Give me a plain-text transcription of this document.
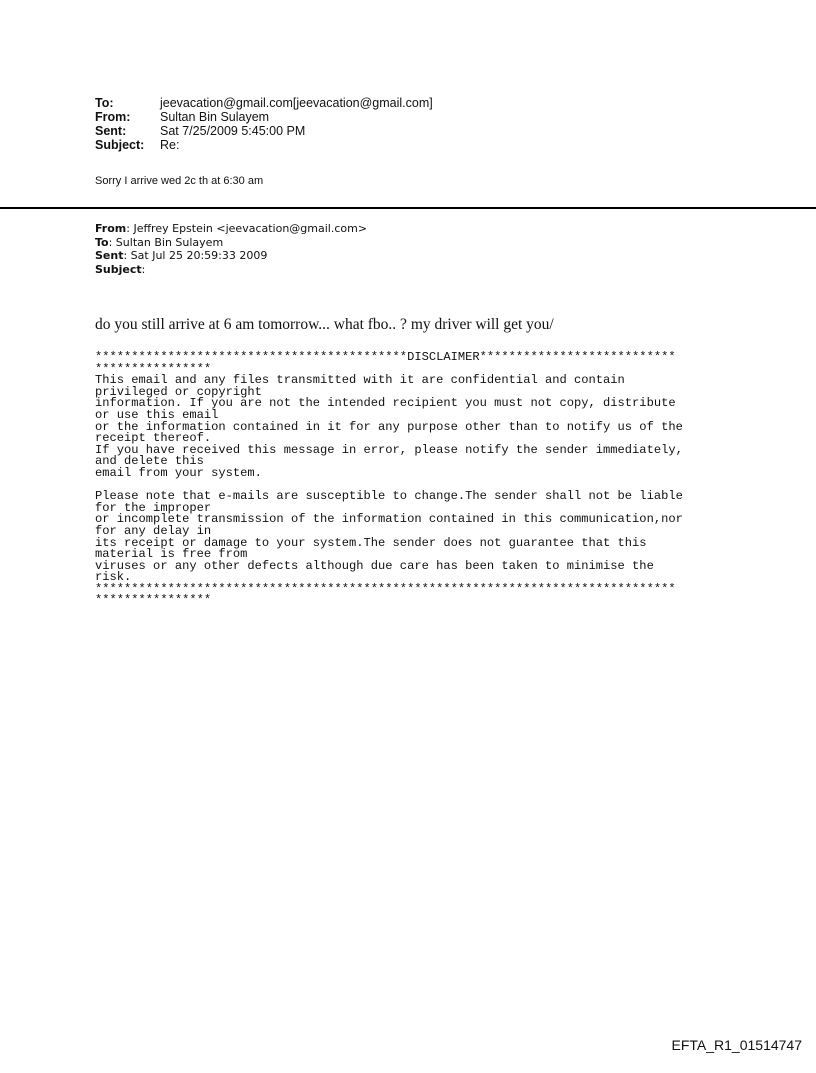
To:	jeevacation@gmail.com[jeevacation@gmail.com]
From:	Sultan Bin Sulayem
Sent:	Sat 7/25/2009 5:45:00 PM
Subject:	Re:
Sorry I arrive wed 2c th at 6:30 am
From: Jeffrey Epstein <jeevacation@gmail.com>
To: Sultan Bin Sulayem
Sent: Sat Jul 25 20:59:33 2009
Subject:
do you still arrive at 6 am tomorrow... what fbo.. ? my driver will get you/
*******************************************DISCLAIMER***************************
****************
This email and any files transmitted with it are confidential and contain
privileged or copyright
information. If you are not the intended recipient you must not copy, distribute
or use this email
or the information contained in it for any purpose other than to notify us of the
receipt thereof.
If you have received this message in error, please notify the sender immediately,
and delete this
email from your system.

Please note that e-mails are susceptible to change.The sender shall not be liable
for the improper
or incomplete transmission of the information contained in this communication,nor
for any delay in
its receipt or damage to your system.The sender does not guarantee that this
material is free from
viruses or any other defects although due care has been taken to minimise the
risk.
********************************************************************************
****************
EFTA_R1_01514747
